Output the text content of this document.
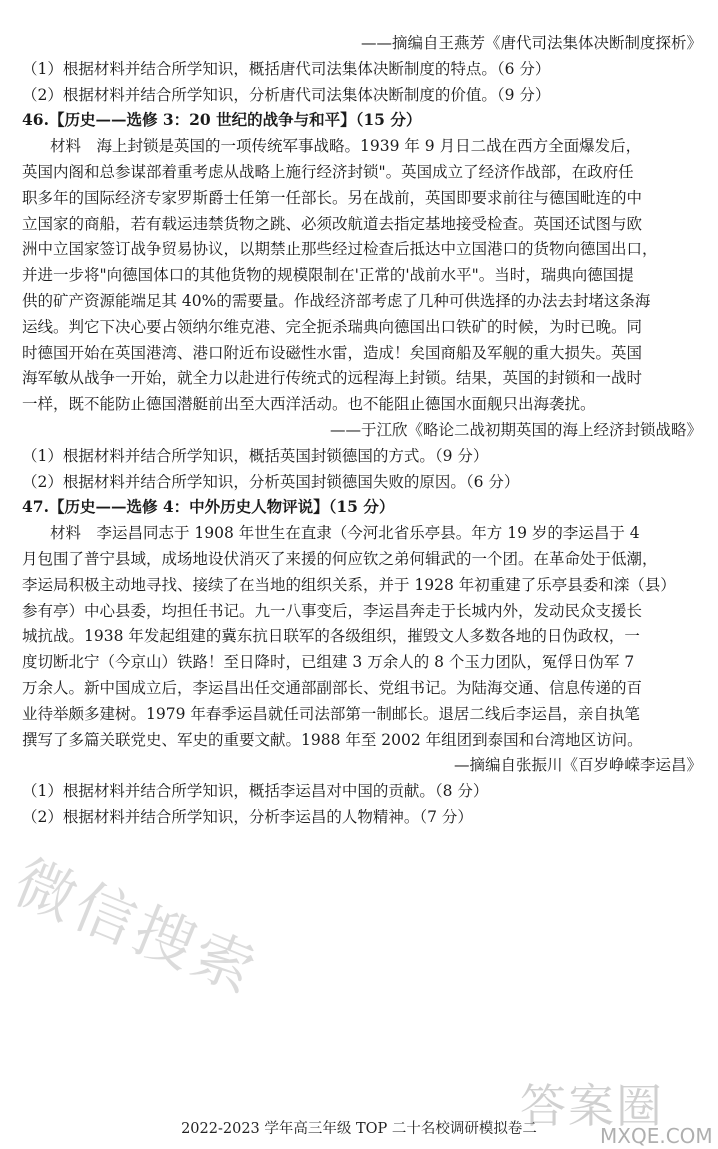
——摘编自王燕芳《唐代司法集体决断制度探析》
（1）根据材料并结合所学知识，概括唐代司法集体决断制度的特点。（6 分）
（2）根据材料并结合所学知识，分析唐代司法集体决断制度的价值。（9 分）
46.【历史——选修 3：20 世纪的战争与和平】（15 分）
材料　海上封锁是英国的一项传统军事战略。1939 年 9 月日二战在西方全面爆发后，
英国内阁和总参谋部着重考虑从战略上施行经济封锁"。英国成立了经济作战部，在政府任
职多年的国际经济专家罗斯爵士任第一任部长。另在战前，英国即要求前往与德国毗连的中
立国家的商船，若有载运违禁货物之跳、必须改航道去指定基地接受检查。英国还试图与欧
洲中立国家签订战争贸易协议，以期禁止那些经过检查后抵达中立国港口的货物向德国出口，
并进一步将"向德国体口的其他货物的规模限制在'正常的'战前水平"。当时，瑞典向德国提
供的矿产资源能端足其 40%的需要量。作战经济部考虑了几种可供选择的办法去封堵这条海
运线。判它下决心要占领纳尔维克港、完全扼杀瑞典向德国出口铁矿的时候，为时已晚。同
时德国开始在英国港湾、港口附近布设磁性水雷，造成！矣国商船及军舰的重大损失。英国
海军敏从战争一开始，就全力以赴进行传统式的远程海上封锁。结果，英国的封锁和一战时
一样，既不能防止德国潜艇前出至大西洋活动。也不能阻止德国水面舰只出海袭扰。
——于江欣《略论二战初期英国的海上经济封锁战略》
（1）根据材料并结合所学知识，概括英国封锁德国的方式。（9 分）
（2）根据材料并结合所学知识，分析英国封锁德国失败的原因。（6 分）
47.【历史——选修 4：中外历史人物评说】（15 分）
材料　李运昌同志于 1908 年世生在直隶（今河北省乐亭县。年方 19 岁的李运昌于 4
月包围了普宁县域，成场地设伏消灭了来援的何应钦之弟何辑武的一个团。在革命处于低潮，
李运局积极主动地寻找、接续了在当地的组织关系，并于 1928 年初重建了乐亭县委和滦（县）
参有亭）中心县委，均担任书记。九一八事变后，李运昌奔走于长城内外，发动民众支援长
城抗战。1938 年发起组建的冀东抗日联军的各级组织，摧毁文人多数各地的日伪政权，一
度切断北宁（今京山）铁路！至日降时，已组建 3 万余人的 8 个玉力团队，冤俘日伪军 7
万余人。新中国成立后，李运昌出任交通部副部长、党组书记。为陆海交通、信息传递的百
业待举颇多建树。1979 年春季运昌就任司法部第一制邮长。退居二线后李运昌，亲自执笔
撰写了多篇关联党史、军史的重要文献。1988 年至 2002 年组团到泰国和台湾地区访问。
—摘编自张振川《百岁峥嵘李运昌》
（1）根据材料并结合所学知识，概括李运昌对中国的贡献。（8 分）
（2）根据材料并结合所学知识，分析李运昌的人物精神。（7 分）
2022-2023 学年高三年级 TOP 二十名校调研模拟卷二
微信搜索
答案圈
MXQE.COM
